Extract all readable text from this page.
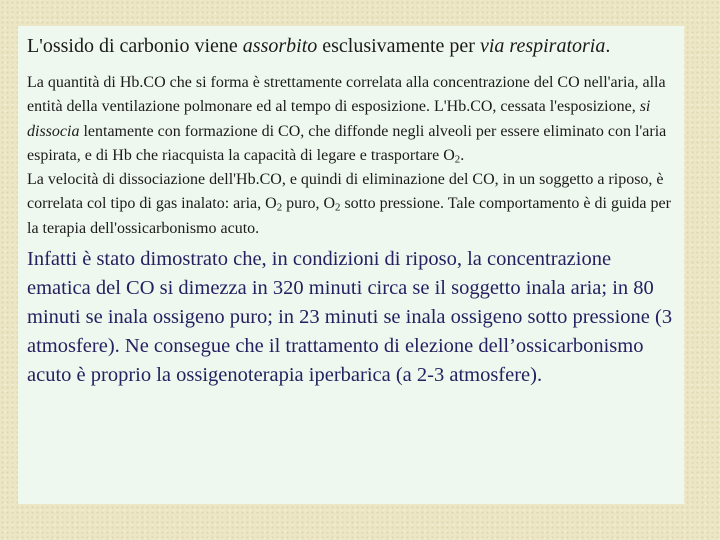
L'ossido di carbonio viene assorbito esclusivamente per via respiratoria.

La quantità di Hb.CO che si forma è strettamente correlata alla concentrazione del CO nell'aria, alla entità della ventilazione polmonare ed al tempo di esposizione. L'Hb.CO, cessata l'esposizione, si dissocia lentamente con formazione di CO, che diffonde negli alveoli per essere eliminato con l'aria espirata, e di Hb che riacquista la capacità di legare e trasportare $O_2$.
La velocità di dissociazione dell'Hb.CO, e quindi di eliminazione del CO, in un soggetto a riposo, è correlata col tipo di gas inalato: aria, $O_2$ puro, $O_2$ sotto pressione. Tale comportamento è di guida per la terapia dell'ossicarbonismo acuto.

Infatti è stato dimostrato che, in condizioni di riposo, la concentrazione ematica del CO si dimezza in 320 minuti circa se il soggetto inala aria; in 80 minuti se inala ossigeno puro; in 23 minuti se inala ossigeno sotto pressione (3 atmosfere). Ne consegue che il trattamento di elezione dell’ossicarbonismo acuto è proprio la ossigenoterapia iperbarica (a 2-3 atmosfere).
